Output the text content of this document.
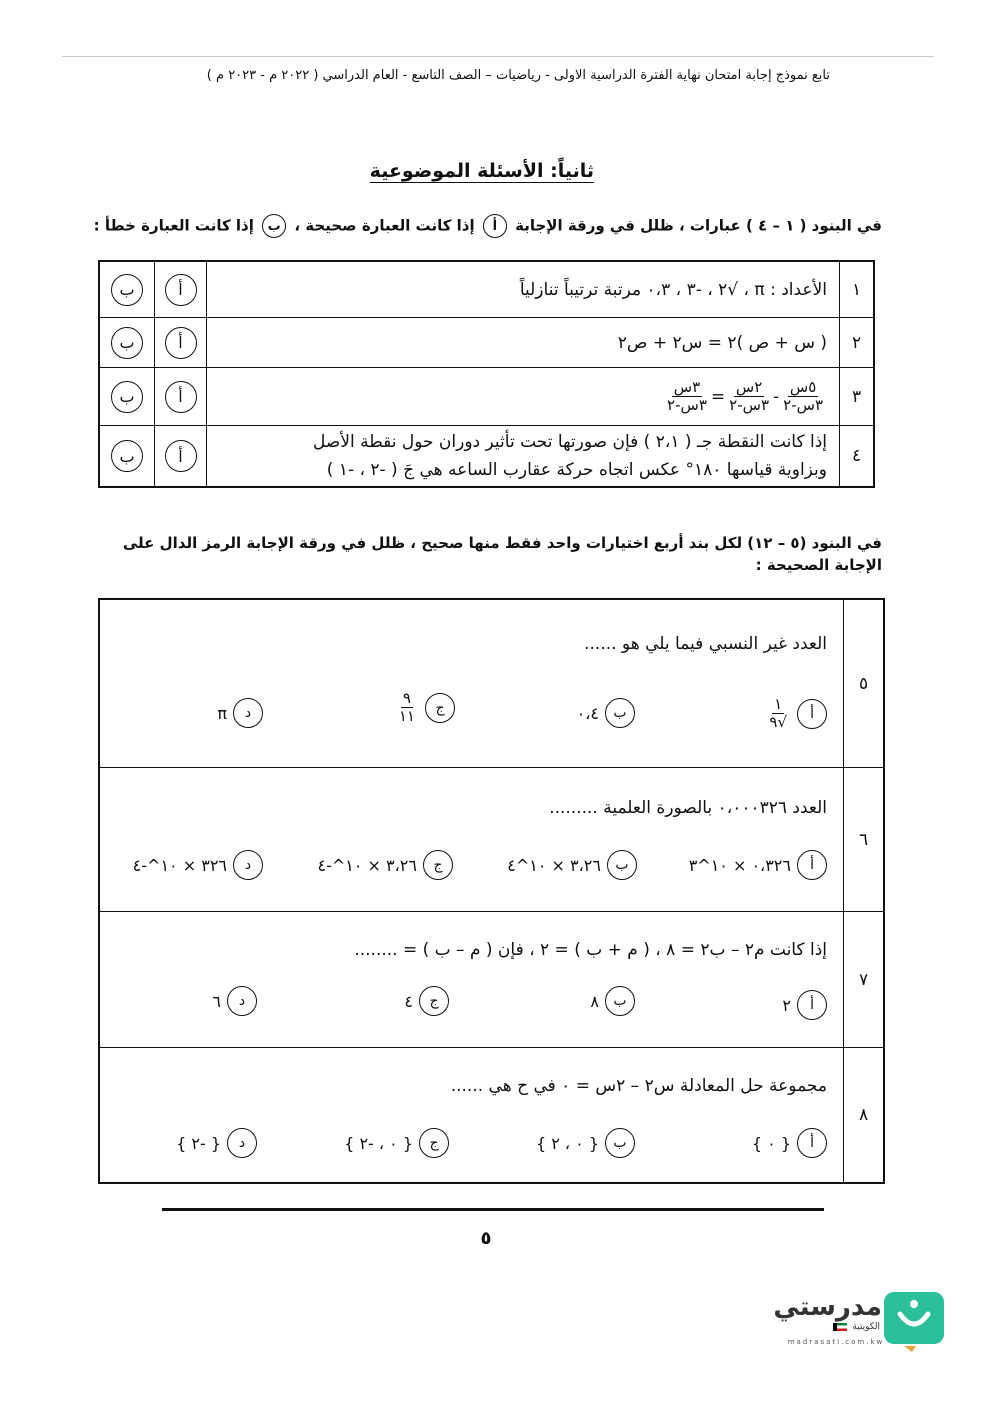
تابع نموذج إجابة امتحان نهاية الفترة الدراسية الاولى - رياضيات – الصف التاسع - العام الدراسي ( ٢٠٢٢ م - ٢٠٢٣ م )
ثانياً: الأسئلة الموضوعية
في البنود ( ١ – ٤ ) عبارات ، ظلل في ورقة الإجابة أ إذا كانت العبارة صحيحة ، ب إذا كانت العبارة خطأ :
١
الأعداد : π ، √٢ ، -٣ ، ٠،٣ مرتبة ترتيباً تنازلياً
أ
ب
٢
( س + ص )٢ = س٢ + ص٢
أ
ب
٣
$\frac{\text{٥س}}{\text{٣س-٢}}$
-
$\frac{\text{٢س}}{\text{٣س-٢}}$
=
$\frac{\text{٣س}}{\text{٣س-٢}}$
أ
ب
٤
إذا كانت النقطة جـ ( ٢،١ ) فإن صورتها تحت تأثير دوران حول نقطة الأصل
وبزاوية قياسها ١٨٠° عكس اتجاه حركة عقارب الساعه هي جَ ( -٢ ، -١ )
أ
ب
في البنود (٥ – ١٢) لكل بند أربع اختيارات واحد فقط منها صحيح ، ظلل في ورقة الإجابة الرمز الدال على الإجابة الصحيحة :
٥
العدد غير النسبي فيما يلي هو ......
أ
$\frac{١}{√٩}$
ب
٠،٤
ج
$\frac{٩}{١١}$
د
π
٦
العدد ٠،٠٠٠٣٢٦ بالصورة العلمية .........
أ
٠،٣٢٦ × ١٠^٣
ب
٣،٢٦ × ١٠^٤
ج
٣،٢٦ × ١٠^-٤
د
٣٢٦ × ١٠^-٤
٧
إذا كانت م٢ – ب٢ = ٨ ، ( م + ب ) = ٢ ، فإن ( م – ب ) = ........
أ
٢
ب
٨
ج
٤
د
٦
٨
مجموعة حل المعادلة س٢ – ٢س = ٠ في ح هي ......
أ
{ ٠ }
ب
{ ٠ ، ٢ }
ج
{ ٠ ، -٢ }
د
{ -٢ }
٥
مدرستي
الكويتية
madrasati.com.kw
